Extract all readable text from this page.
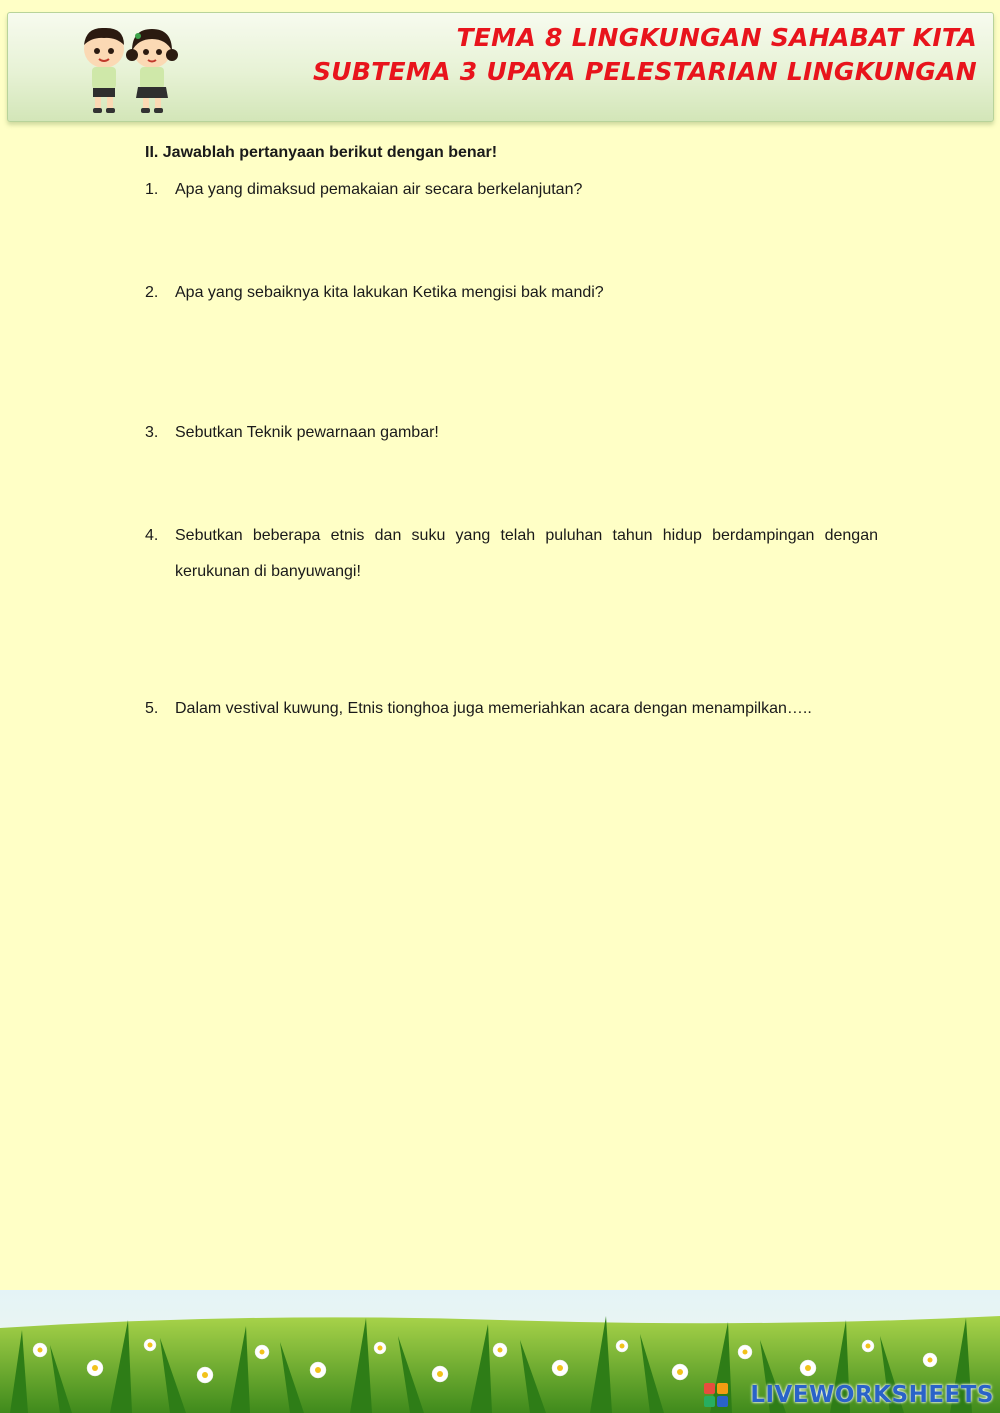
TEMA 8 LINGKUNGAN SAHABAT KITA
SUBTEMA 3 UPAYA PELESTARIAN LINGKUNGAN

II. Jawablah pertanyaan berikut dengan benar!

1. Apa yang dimaksud pemakaian air secara berkelanjutan?
2. Apa yang sebaiknya kita lakukan Ketika mengisi bak mandi?
3. Sebutkan Teknik pewarnaan gambar!
4. Sebutkan beberapa etnis dan suku yang telah puluhan tahun hidup berdampingan dengan kerukunan di banyuwangi!
5. Dalam vestival kuwung, Etnis tionghoa juga memeriahkan acara dengan menampilkan…..
LIVEWORKSHEETS
